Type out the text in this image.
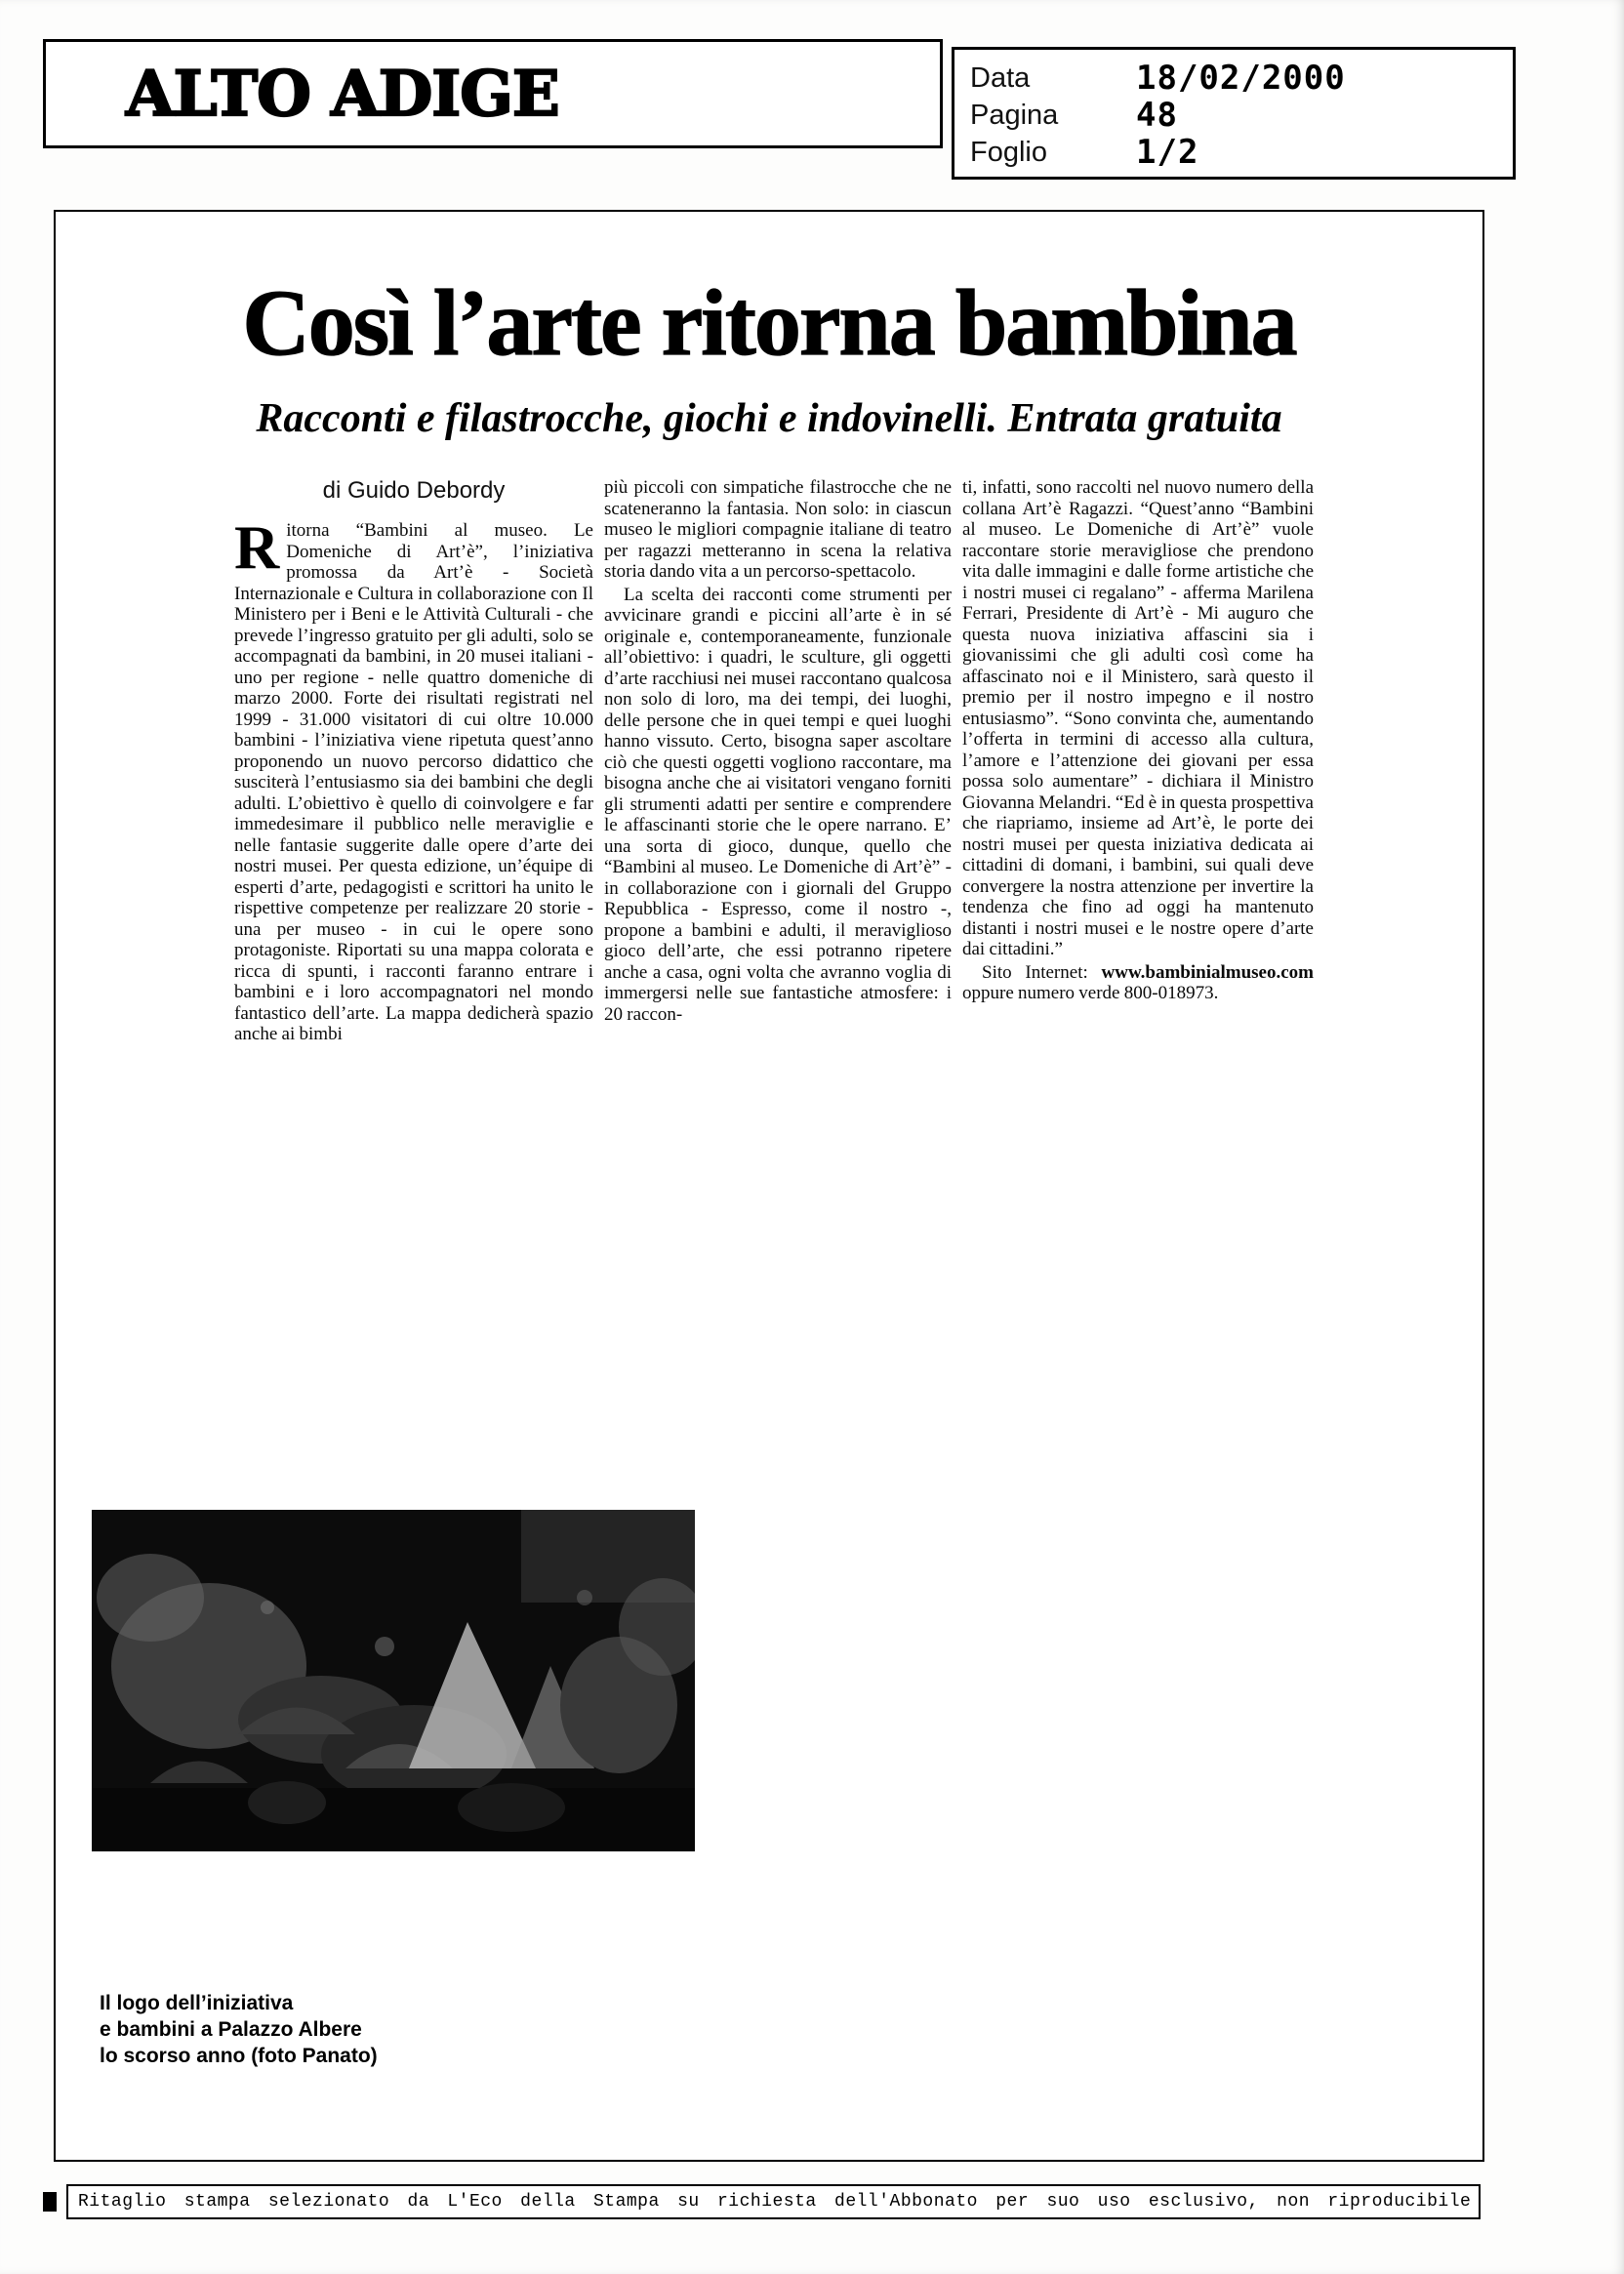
ALTO ADIGE	Data	18/02/2000
Pagina	48
Foglio	1/2
Così l’arte ritorna bambina
Racconti e filastrocche, giochi e indovinelli. Entrata gratuita
di Guido Debordy

Ritorna “Bambini al museo. Le Domeniche di Art’è”, l’iniziativa promossa da Art’è - Società Internazionale e Cultura in collaborazione con Il Ministero per i Beni e le Attività Culturali - che prevede l’ingresso gratuito per gli adulti, solo se accompagnati da bambini, in 20 musei italiani - uno per regione - nelle quattro domeniche di marzo 2000. Forte dei risultati registrati nel 1999 - 31.000 visitatori di cui oltre 10.000 bambini - l’iniziativa viene ripetuta quest’anno proponendo un nuovo percorso didattico che susciterà l’entusiasmo sia dei bambini che degli adulti. L’obiettivo è quello di coinvolgere e far immedesimare il pubblico nelle meraviglie e nelle fantasie suggerite dalle opere d’arte dei nostri musei. Per questa edizione, un’équipe di esperti d’arte, pedagogisti e scrittori ha unito le rispettive competenze per realizzare 20 storie - una per museo - in cui le opere sono protagoniste. Riportati su una mappa colorata e ricca di spunti, i racconti faranno entrare i bambini e i loro accompagnatori nel mondo fantastico dell’arte. La mappa dedicherà spazio anche ai bimbi

più piccoli con simpatiche filastrocche che ne scateneranno la fantasia. Non solo: in ciascun museo le migliori compagnie italiane di teatro per ragazzi metteranno in scena la relativa storia dando vita a un percorso-spettacolo.

La scelta dei racconti come strumenti per avvicinare grandi e piccini all’arte è in sé originale e, contemporaneamente, funzionale all’obiettivo: i quadri, le sculture, gli oggetti d’arte racchiusi nei musei raccontano qualcosa non solo di loro, ma dei tempi, dei luoghi, delle persone che in quei tempi e quei luoghi hanno vissuto. Certo, bisogna saper ascoltare ciò che questi oggetti vogliono raccontare, ma bisogna anche che ai visitatori vengano forniti gli strumenti adatti per sentire e comprendere le affascinanti storie che le opere narrano. E’ una sorta di gioco, dunque, quello che “Bambini al museo. Le Domeniche di Art’è” - in collaborazione con i giornali del Gruppo Repubblica - Espresso, come il nostro -, propone a bambini e adulti, il meraviglioso gioco dell’arte, che essi potranno ripetere anche a casa, ogni volta che avranno voglia di immergersi nelle sue fantastiche atmosfere: i 20 raccon-

ti, infatti, sono raccolti nel nuovo numero della collana Art’è Ragazzi. “Quest’anno “Bambini al museo. Le Domeniche di Art’è” vuole raccontare storie meravigliose che prendono vita dalle immagini e dalle forme artistiche che i nostri musei ci regalano” - afferma Marilena Ferrari, Presidente di Art’è - Mi auguro che questa nuova iniziativa affascini sia i giovanissimi che gli adulti così come ha affascinato noi e il Ministero, sarà questo il premio per il nostro impegno e il nostro entusiasmo”. “Sono convinta che, aumentando l’offerta in termini di accesso alla cultura, l’amore e l’attenzione dei giovani per essa possa solo aumentare” - dichiara il Ministro Giovanna Melandri. “Ed è in questa prospettiva che riapriamo, insieme ad Art’è, le porte dei nostri musei per questa iniziativa dedicata ai cittadini di domani, i bambini, sui quali deve convergere la nostra attenzione per invertire la tendenza che fino ad oggi ha mantenuto distanti i nostri musei e le nostre opere d’arte dai cittadini.”

Sito Internet: www.bambinialmuseo.com oppure numero verde 800-018973.

Il logo dell’iniziativa
e bambini a Palazzo Albere
lo scorso anno (foto Panato)
Ritaglio stampa selezionato da L'Eco della Stampa su richiesta dell'Abbonato per suo uso esclusivo, non riproducibile
